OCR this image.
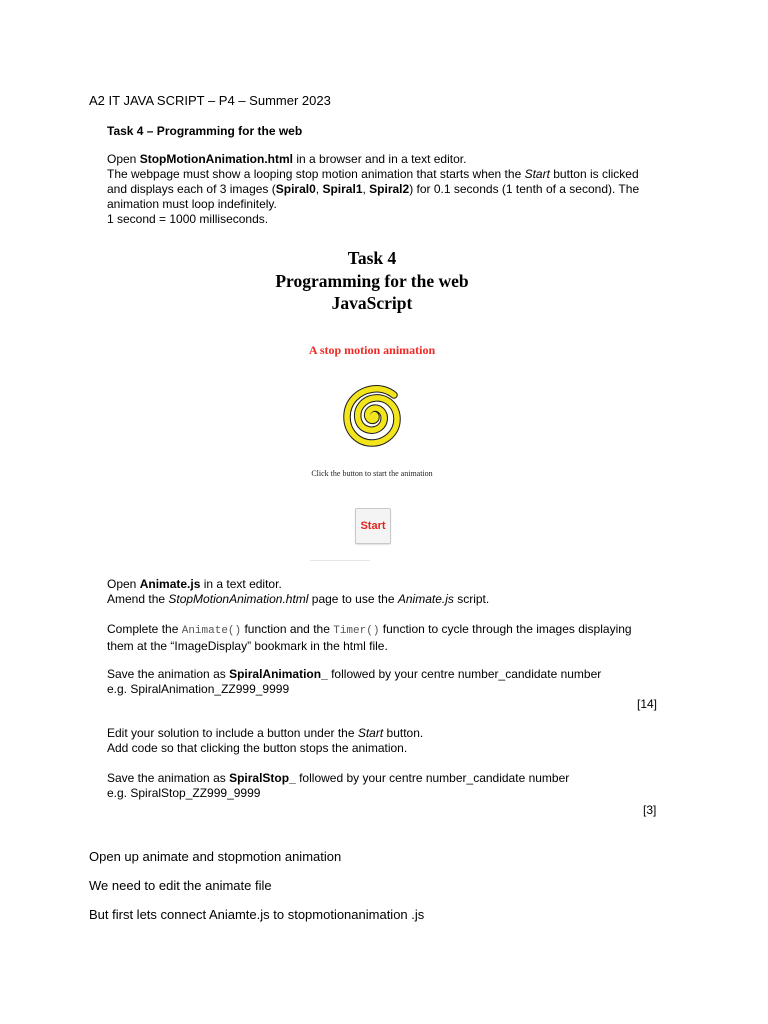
A2 IT JAVA SCRIPT – P4 – Summer 2023
Task 4 – Programming for the web
Open StopMotionAnimation.html in a browser and in a text editor.
The webpage must show a looping stop motion animation that starts when the Start button is clicked
and displays each of 3 images (Spiral0, Spiral1, Spiral2) for 0.1 seconds (1 tenth of a second). The
animation must loop indefinitely.
1 second = 1000 milliseconds.
Task 4
Programming for the web
JavaScript
A stop motion animation
Click the button to start the animation
Start
Open Animate.js in a text editor.
Amend the StopMotionAnimation.html page to use the Animate.js script.
Complete the Animate() function and the Timer() function to cycle through the images displaying
them at the “ImageDisplay” bookmark in the html file.
Save the animation as SpiralAnimation_ followed by your centre number_candidate number
e.g. SpiralAnimation_ZZ999_9999
[14]
Edit your solution to include a button under the Start button.
Add code so that clicking the button stops the animation.
Save the animation as SpiralStop_ followed by your centre number_candidate number
e.g. SpiralStop_ZZ999_9999
[3]
Open up animate and stopmotion animation
We need to edit the animate file
But first lets connect Aniamte.js to stopmotionanimation .js
